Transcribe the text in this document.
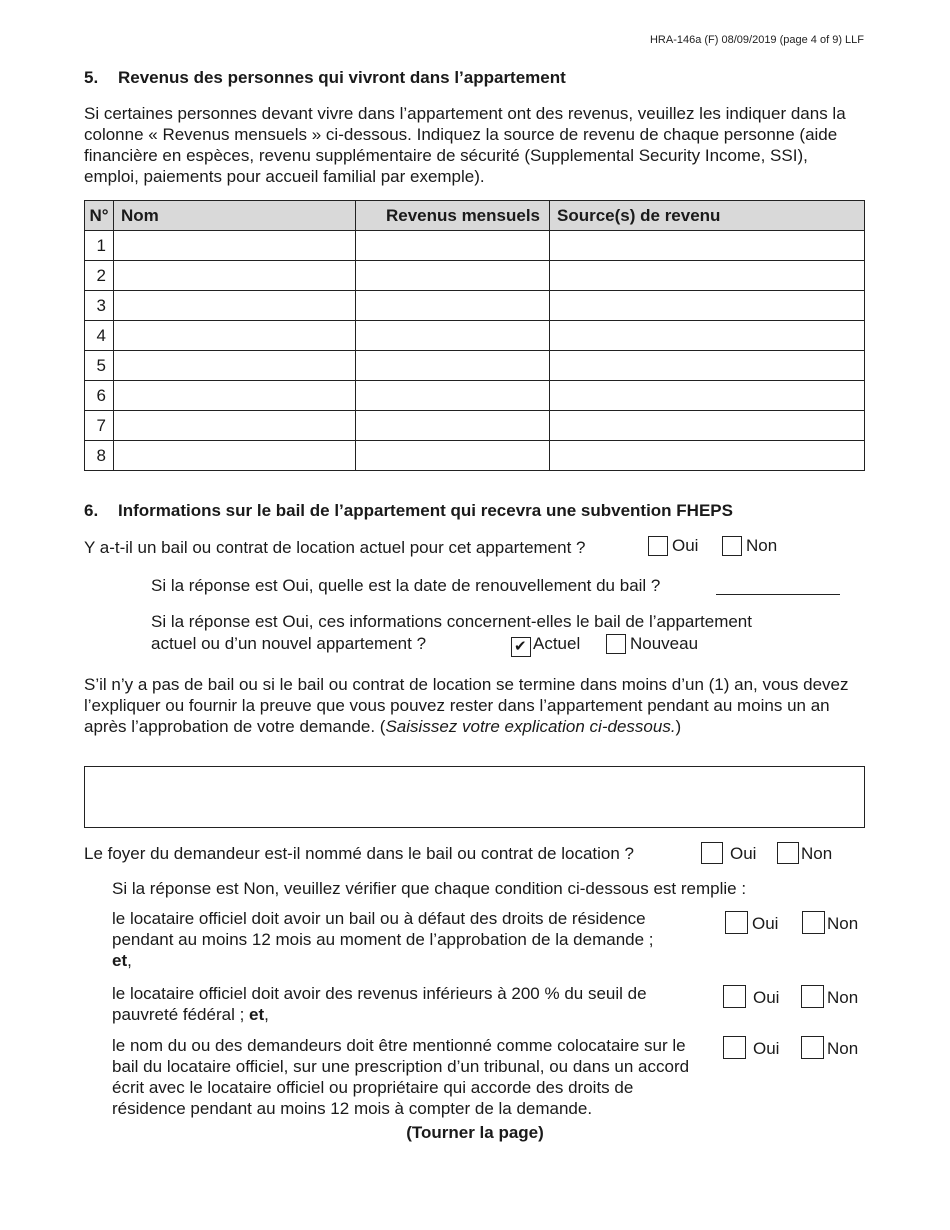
HRA-146a (F) 08/09/2019 (page 4 of 9) LLF
5. Revenus des personnes qui vivront dans l’appartement
Si certaines personnes devant vivre dans l’appartement ont des revenus, veuillez les indiquer dans la colonne « Revenus mensuels » ci-dessous. Indiquez la source de revenu de chaque personne (aide financière en espèces, revenu supplémentaire de sécurité (Supplemental Security Income, SSI), emploi, paiements pour accueil familial par exemple).
N°	Nom	Revenus mensuels	Source(s) de revenu
1			
2			
3			
4			
5			
6			
7			
8			
6. Informations sur le bail de l’appartement qui recevra une subvention FHEPS
Y a-t-il un bail ou contrat de location actuel pour cet appartement ?	Oui	Non
Si la réponse est Oui, quelle est la date de renouvellement du bail ?
Si la réponse est Oui, ces informations concernent-elles le bail de l’appartement
actuel ou d’un nouvel appartement ?	✔ Actuel	Nouveau
S’il n’y a pas de bail ou si le bail ou contrat de location se termine dans moins d’un (1) an, vous devez l’expliquer ou fournir la preuve que vous pouvez rester dans l’appartement pendant au moins un an après l’approbation de votre demande. (Saisissez votre explication ci-dessous.)
Le foyer du demandeur est-il nommé dans le bail ou contrat de location ?	Oui	Non
Si la réponse est Non, veuillez vérifier que chaque condition ci-dessous est remplie :
le locataire officiel doit avoir un bail ou à défaut des droits de résidence pendant au moins 12 mois au moment de l’approbation de la demande ;
et,
Oui	Non
le locataire officiel doit avoir des revenus inférieurs à 200 % du seuil de pauvreté fédéral ; et,
Oui	Non
le nom du ou des demandeurs doit être mentionné comme colocataire sur le bail du locataire officiel, sur une prescription d’un tribunal, ou dans un accord écrit avec le locataire officiel ou propriétaire qui accorde des droits de résidence pendant au moins 12 mois à compter de la demande.
Oui	Non
(Tourner la page)
